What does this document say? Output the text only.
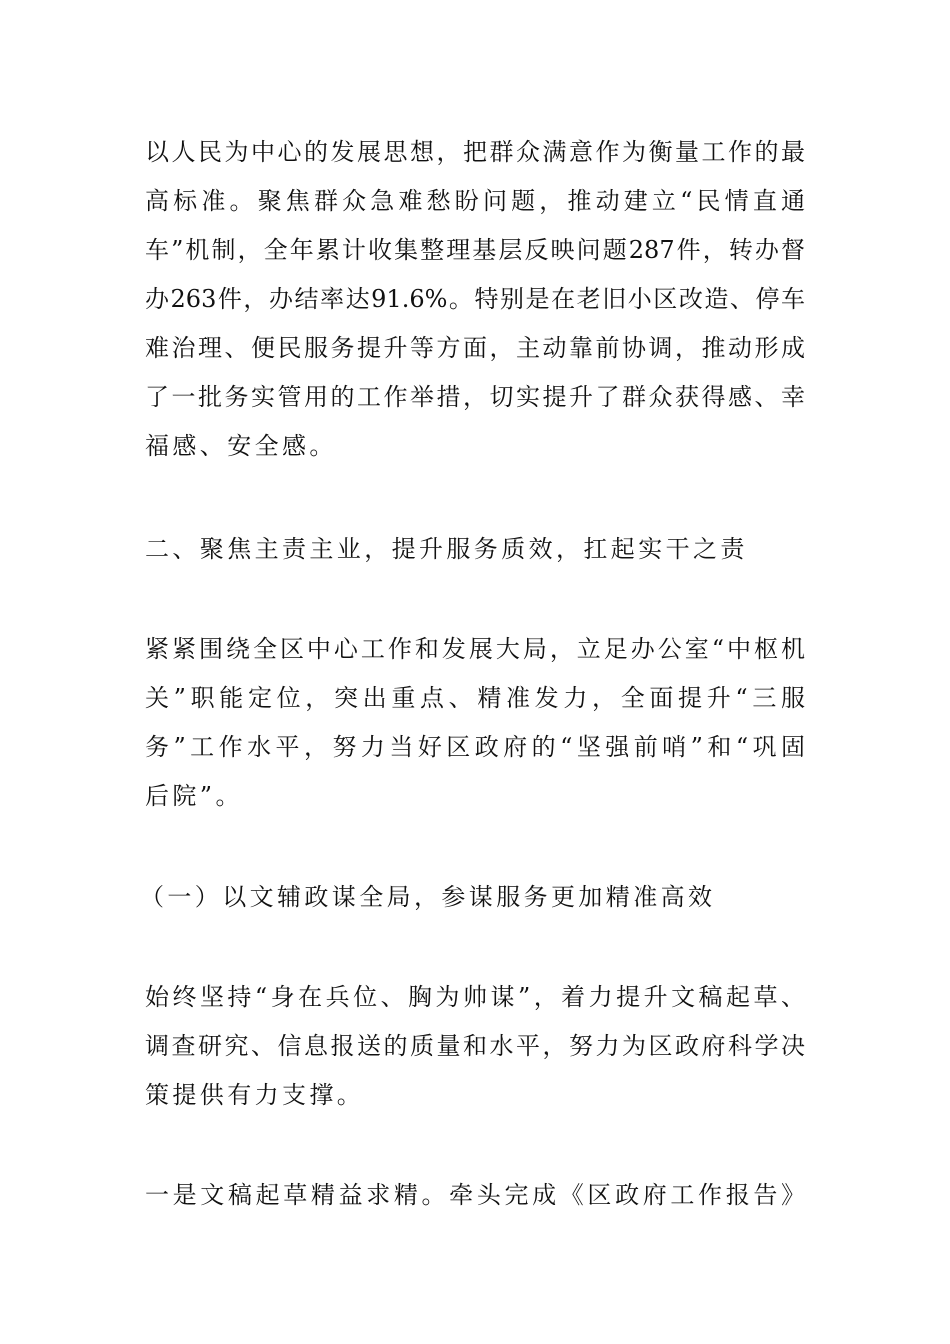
以人民为中心的发展思想，把群众满意作为衡量工作的最
高标准。聚焦群众急难愁盼问题，推动建立“民情直通
车”机制，全年累计收集整理基层反映问题287件，转办督
办263件，办结率达91.6%。特别是在老旧小区改造、停车
难治理、便民服务提升等方面，主动靠前协调，推动形成
了一批务实管用的工作举措，切实提升了群众获得感、幸
福感、安全感。
二、聚焦主责主业，提升服务质效，扛起实干之责
紧紧围绕全区中心工作和发展大局，立足办公室“中枢机
关”职能定位，突出重点、精准发力，全面提升“三服
务”工作水平，努力当好区政府的“坚强前哨”和“巩固
后院”。
（一）以文辅政谋全局，参谋服务更加精准高效
始终坚持“身在兵位、胸为帅谋”，着力提升文稿起草、
调查研究、信息报送的质量和水平，努力为区政府科学决
策提供有力支撑。
一是文稿起草精益求精。牵头完成《区政府工作报告》
